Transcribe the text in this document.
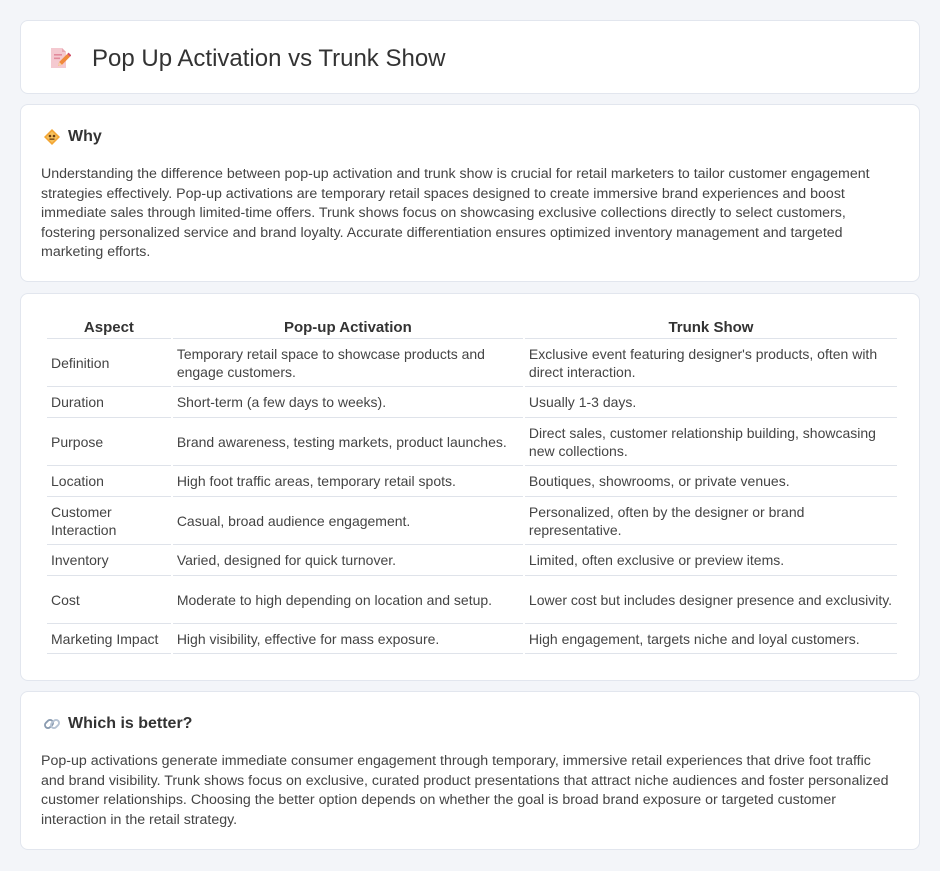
Pop Up Activation vs Trunk Show
Why

Understanding the difference between pop-up activation and trunk show is crucial for retail marketers to tailor customer engagement strategies effectively. Pop-up activations are temporary retail spaces designed to create immersive brand experiences and boost immediate sales through limited-time offers. Trunk shows focus on showcasing exclusive collections directly to select customers, fostering personalized service and brand loyalty. Accurate differentiation ensures optimized inventory management and targeted marketing efforts.

Aspect	Pop-up Activation	Trunk Show
Definition	Temporary retail space to showcase products and engage customers.	Exclusive event featuring designer's products, often with direct interaction.
Duration	Short-term (a few days to weeks).	Usually 1-3 days.
Purpose	Brand awareness, testing markets, product launches.	Direct sales, customer relationship building, showcasing new collections.
Location	High foot traffic areas, temporary retail spots.	Boutiques, showrooms, or private venues.
Customer Interaction	Casual, broad audience engagement.	Personalized, often by the designer or brand representative.
Inventory	Varied, designed for quick turnover.	Limited, often exclusive or preview items.
Cost	Moderate to high depending on location and setup.	Lower cost but includes designer presence and exclusivity.
Marketing Impact	High visibility, effective for mass exposure.	High engagement, targets niche and loyal customers.
Which is better?

Pop-up activations generate immediate consumer engagement through temporary, immersive retail experiences that drive foot traffic and brand visibility. Trunk shows focus on exclusive, curated product presentations that attract niche audiences and foster personalized customer relationships. Choosing the better option depends on whether the goal is broad brand exposure or targeted customer interaction in the retail strategy.
